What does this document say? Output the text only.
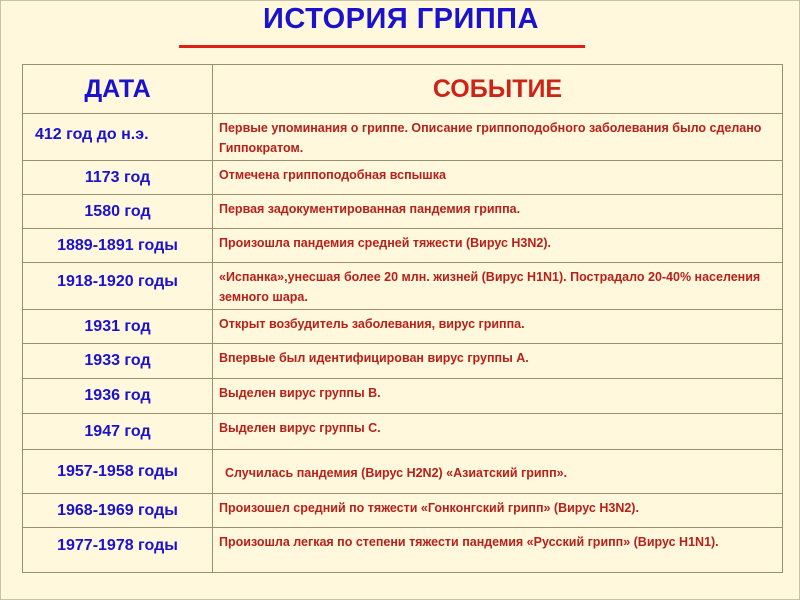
ИСТОРИЯ ГРИППА
ДАТА	СОБЫТИЕ
412 год до н.э.	Первые упоминания о гриппе. Описание гриппоподобного заболевания было сделано Гиппократом.
1173 год	Отмечена гриппоподобная вспышка
1580 год	Первая задокументированная пандемия гриппа.
1889-1891 годы	Произошла пандемия средней тяжести (Вирус H3N2).
1918-1920 годы	«Испанка»,унесшая более 20 млн. жизней (Вирус H1N1). Пострадало 20-40% населения земного шара.
1931 год	Открыт возбудитель заболевания, вирус гриппа.
1933 год	Впервые был идентифицирован вирус группы А.
1936 год	Выделен вирус группы В.
1947 год	Выделен вирус группы С.
1957-1958 годы	Случилась пандемия (Вирус H2N2) «Азиатский грипп».
1968-1969 годы	Произошел средний по тяжести «Гонконгский грипп» (Вирус H3N2).
1977-1978 годы	Произошла легкая по степени тяжести пандемия «Русский грипп» (Вирус H1N1).
